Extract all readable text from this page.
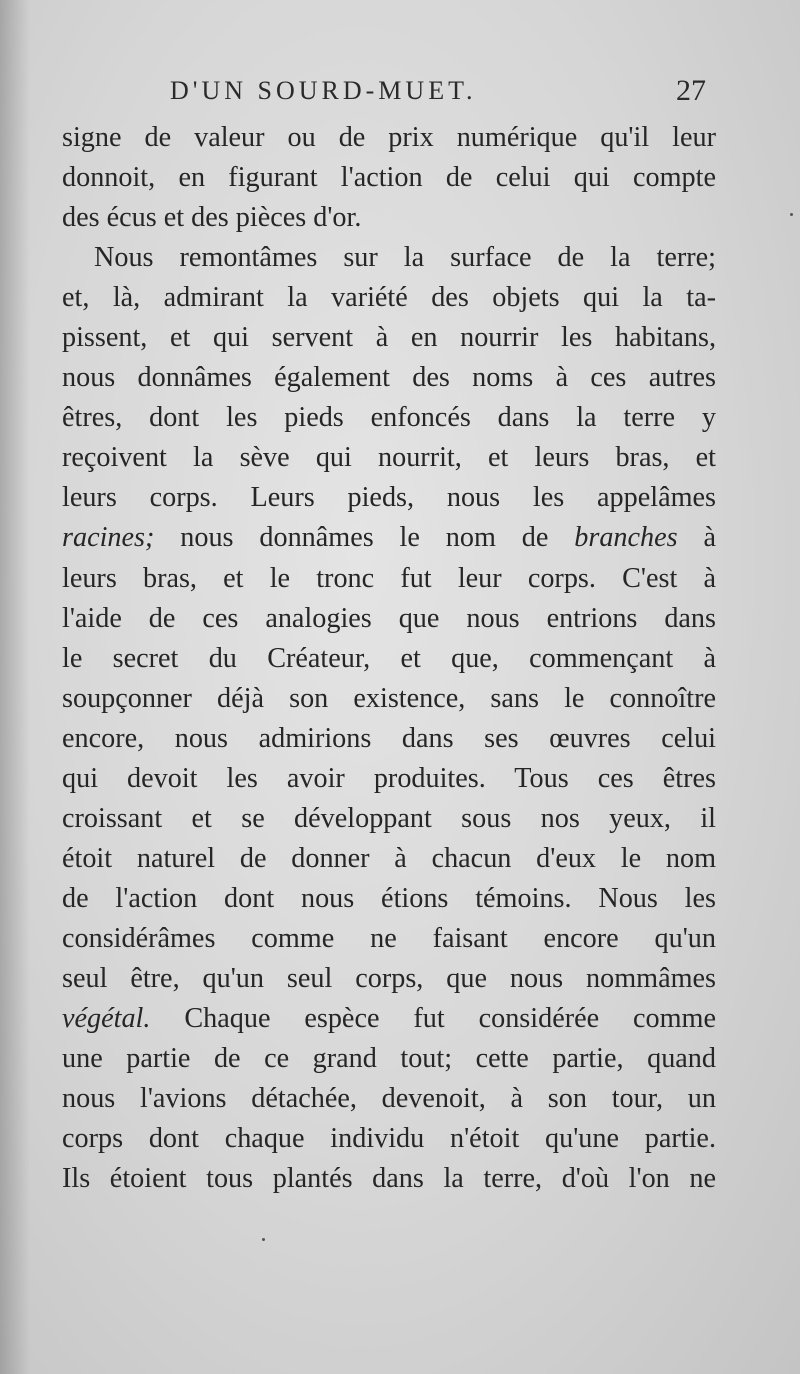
D'UN SOURD-MUET.	27
signe de valeur ou de prix numérique qu'il leur
donnoit, en figurant l'action de celui qui compte
des écus et des pièces d'or.
Nous remontâmes sur la surface de la terre;
et, là, admirant la variété des objets qui la ta-
pissent, et qui servent à en nourrir les habitans,
nous donnâmes également des noms à ces autres
êtres, dont les pieds enfoncés dans la terre y
reçoivent la sève qui nourrit, et leurs bras, et
leurs corps. Leurs pieds, nous les appelâmes
racines; nous donnâmes le nom de branches à
leurs bras, et le tronc fut leur corps. C'est à
l'aide de ces analogies que nous entrions dans
le secret du Créateur, et que, commençant à
soupçonner déjà son existence, sans le connoître
encore, nous admirions dans ses œuvres celui
qui devoit les avoir produites. Tous ces êtres
croissant et se développant sous nos yeux, il
étoit naturel de donner à chacun d'eux le nom
de l'action dont nous étions témoins. Nous les
considérâmes comme ne faisant encore qu'un
seul être, qu'un seul corps, que nous nommâmes
végétal. Chaque espèce fut considérée comme
une partie de ce grand tout; cette partie, quand
nous l'avions détachée, devenoit, à son tour, un
corps dont chaque individu n'étoit qu'une partie.
Ils étoient tous plantés dans la terre, d'où l'on ne
